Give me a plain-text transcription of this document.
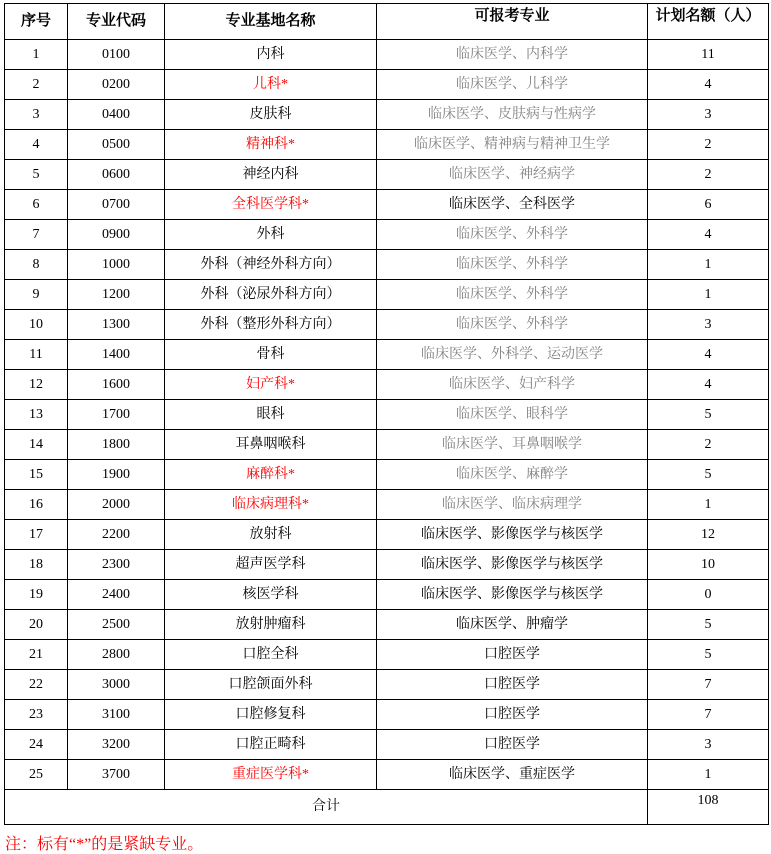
序号	专业代码	专业基地名称	可报考专业	计划名额（人）
1	0100	内科	临床医学、内科学	11
2	0200	儿科*	临床医学、儿科学	4
3	0400	皮肤科	临床医学、皮肤病与性病学	3
4	0500	精神科*	临床医学、精神病与精神卫生学	2
5	0600	神经内科	临床医学、神经病学	2
6	0700	全科医学科*	临床医学、全科医学	6
7	0900	外科	临床医学、外科学	4
8	1000	外科（神经外科方向）	临床医学、外科学	1
9	1200	外科（泌尿外科方向）	临床医学、外科学	1
10	1300	外科（整形外科方向）	临床医学、外科学	3
11	1400	骨科	临床医学、外科学、运动医学	4
12	1600	妇产科*	临床医学、妇产科学	4
13	1700	眼科	临床医学、眼科学	5
14	1800	耳鼻咽喉科	临床医学、耳鼻咽喉学	2
15	1900	麻醉科*	临床医学、麻醉学	5
16	2000	临床病理科*	临床医学、临床病理学	1
17	2200	放射科	临床医学、影像医学与核医学	12
18	2300	超声医学科	临床医学、影像医学与核医学	10
19	2400	核医学科	临床医学、影像医学与核医学	0
20	2500	放射肿瘤科	临床医学、肿瘤学	5
21	2800	口腔全科	口腔医学	5
22	3000	口腔颌面外科	口腔医学	7
23	3100	口腔修复科	口腔医学	7
24	3200	口腔正畸科	口腔医学	3
25	3700	重症医学科*	临床医学、重症医学	1
合计				108
注：标有“*”的是紧缺专业。
